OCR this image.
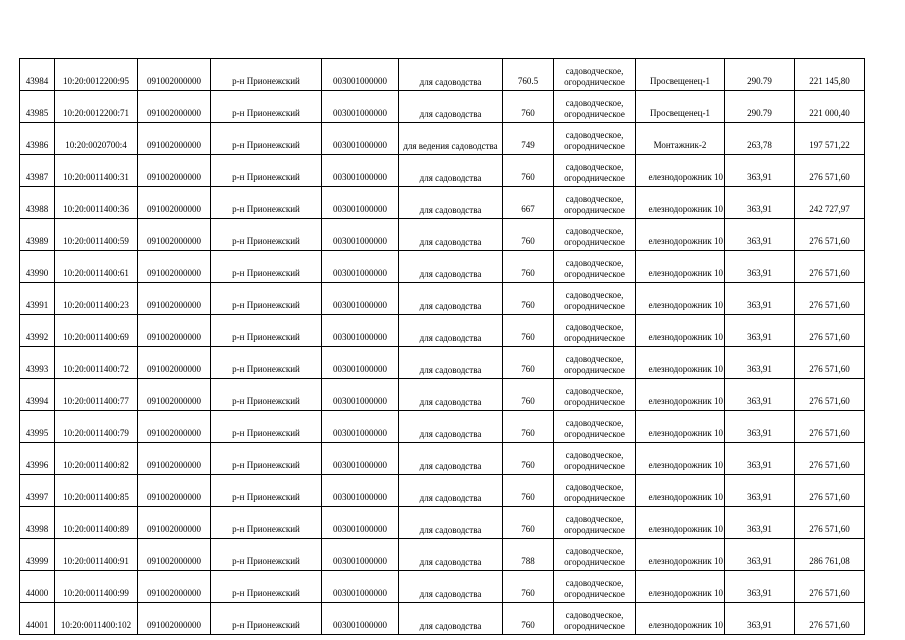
43984	10:20:0012200:95	091002000000	р-н Прионежский	003001000000	для садоводства	760.5	садоводческое,
огородническое	Просвещенец-1	290.79	221 145,80
43985	10:20:0012200:71	091002000000	р-н Прионежский	003001000000	для садоводства	760	садоводческое,
огородническое	Просвещенец-1	290.79	221 000,40
43986	10:20:0020700:4	091002000000	р-н Прионежский	003001000000	для ведения садоводства	749	садоводческое,
огородническое	Монтажник-2	263,78	197 571,22
43987	10:20:0011400:31	091002000000	р-н Прионежский	003001000000	для садоводства	760	садоводческое,
огородническое	елезнодорожник 10	363,91	276 571,60
43988	10:20:0011400:36	091002000000	р-н Прионежский	003001000000	для садоводства	667	садоводческое,
огородническое	елезнодорожник 10	363,91	242 727,97
43989	10:20:0011400:59	091002000000	р-н Прионежский	003001000000	для садоводства	760	садоводческое,
огородническое	елезнодорожник 10	363,91	276 571,60
43990	10:20:0011400:61	091002000000	р-н Прионежский	003001000000	для садоводства	760	садоводческое,
огородническое	елезнодорожник 10	363,91	276 571,60
43991	10:20:0011400:23	091002000000	р-н Прионежский	003001000000	для садоводства	760	садоводческое,
огородническое	елезнодорожник 10	363,91	276 571,60
43992	10:20:0011400:69	091002000000	р-н Прионежский	003001000000	для садоводства	760	садоводческое,
огородническое	елезнодорожник 10	363,91	276 571,60
43993	10:20:0011400:72	091002000000	р-н Прионежский	003001000000	для садоводства	760	садоводческое,
огородническое	елезнодорожник 10	363,91	276 571,60
43994	10:20:0011400:77	091002000000	р-н Прионежский	003001000000	для садоводства	760	садоводческое,
огородническое	елезнодорожник 10	363,91	276 571,60
43995	10:20:0011400:79	091002000000	р-н Прионежский	003001000000	для садоводства	760	садоводческое,
огородническое	елезнодорожник 10	363,91	276 571,60
43996	10:20:0011400:82	091002000000	р-н Прионежский	003001000000	для садоводства	760	садоводческое,
огородническое	елезнодорожник 10	363,91	276 571,60
43997	10:20:0011400:85	091002000000	р-н Прионежский	003001000000	для садоводства	760	садоводческое,
огородническое	елезнодорожник 10	363,91	276 571,60
43998	10:20:0011400:89	091002000000	р-н Прионежский	003001000000	для садоводства	760	садоводческое,
огородническое	елезнодорожник 10	363,91	276 571,60
43999	10:20:0011400:91	091002000000	р-н Прионежский	003001000000	для садоводства	788	садоводческое,
огородническое	елезнодорожник 10	363,91	286 761,08
44000	10:20:0011400:99	091002000000	р-н Прионежский	003001000000	для садоводства	760	садоводческое,
огородническое	елезнодорожник 10	363,91	276 571,60
44001	10:20:0011400:102	091002000000	р-н Прионежский	003001000000	для садоводства	760	садоводческое,
огородническое	елезнодорожник 10	363,91	276 571,60
